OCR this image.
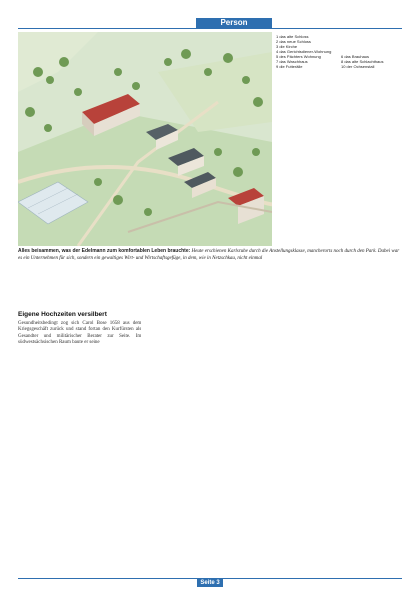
Person
1 das alte Schloss
2 das neue Schloss
3 die Kirche
4 das Gerichtsdiener-Wohnung
5 des Pächters Wohnung	6 das Brauhaus
7 das Waschhaus	8 das alte Schlachthaus
9 die Futterälle	10 der Ochsenstall
Alles beisammen, was der Edelmann zum komfortablen Leben brauchte: Heute erschienen Karlsruhe durch die Anstellungsklasse, mancherorts noch durch den Park. Dabei war es ein Unternehmen für sich, sondern ein gewaltiges Wirt- und Wirtschaftsgefüge, in dem, wie in Netzschkau, nicht einmal
Eigene Hochzeiten versilbert

Gesundheitsbedingt zog sich Carol Bose 1658 aus dem Kriegsgeschäft zurück und stand fortan den Kurfürsten als Gesandter und militärischer Berater zur Seite. Im südwestsächsischen Raum baute er seine

Seite 3
